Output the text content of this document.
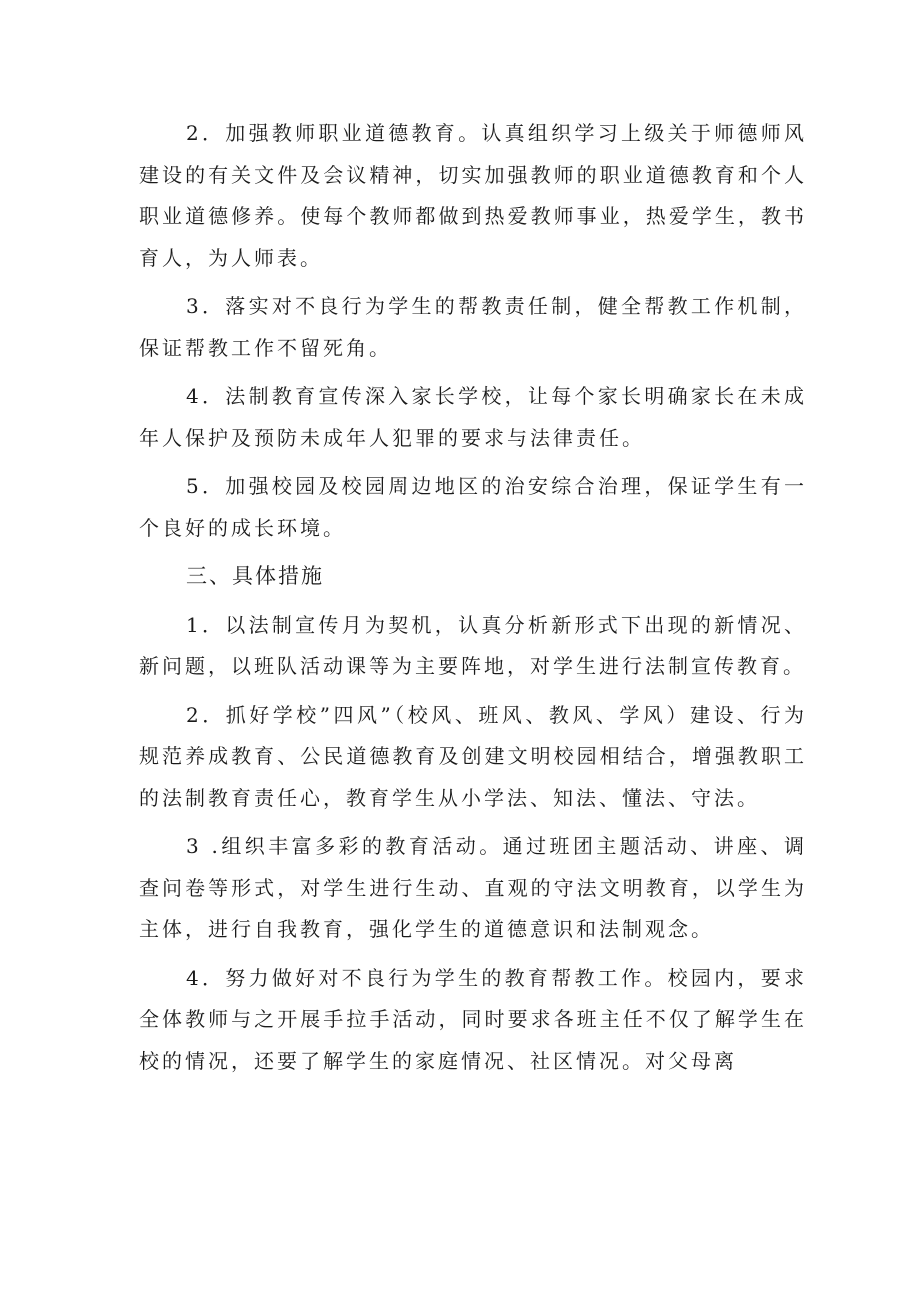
2．加强教师职业道德教育。认真组织学习上级关于师德师风建设的有关文件及会议精神，切实加强教师的职业道德教育和个人职业道德修养。使每个教师都做到热爱教师事业，热爱学生，教书育人，为人师表。

3．落实对不良行为学生的帮教责任制，健全帮教工作机制，保证帮教工作不留死角。

4．法制教育宣传深入家长学校，让每个家长明确家长在未成年人保护及预防未成年人犯罪的要求与法律责任。

5．加强校园及校园周边地区的治安综合治理，保证学生有一个良好的成长环境。

三、具体措施

1．以法制宣传月为契机，认真分析新形式下出现的新情况、新问题，以班队活动课等为主要阵地，对学生进行法制宣传教育。

2．抓好学校”四风”（校风、班风、教风、学风）建设、行为规范养成教育、公民道德教育及创建文明校园相结合，增强教职工的法制教育责任心，教育学生从小学法、知法、懂法、守法。

3 .组织丰富多彩的教育活动。通过班团主题活动、讲座、调查问卷等形式，对学生进行生动、直观的守法文明教育，以学生为主体，进行自我教育，强化学生的道德意识和法制观念。

4．努力做好对不良行为学生的教育帮教工作。校园内，要求全体教师与之开展手拉手活动，同时要求各班主任不仅了解学生在校的情况，还要了解学生的家庭情况、社区情况。对父母离
